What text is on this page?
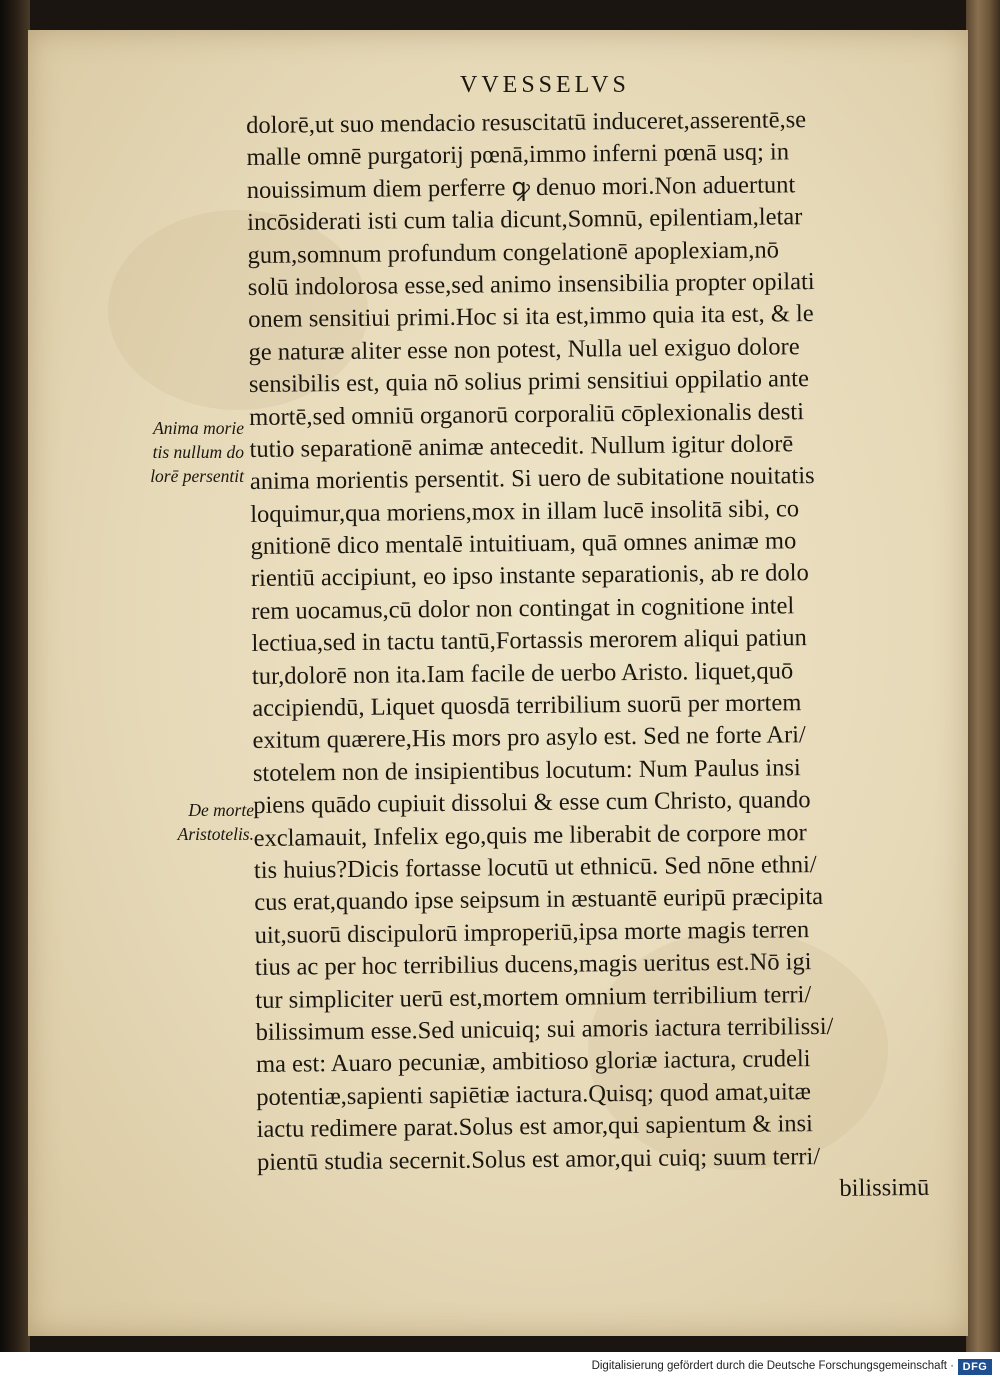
VVESSELVS
dolorē,ut suo mendacio resuscitatū induceret,asserentē,se
malle omnē purgatorij pœnā,immo inferni pœnā usq; in
nouissimum diem perferre ꝙ denuo mori.Non aduertunt
incōsiderati isti cum talia dicunt,Somnū, epilentiam,letar
gum,somnum profundum congelationē apoplexiam,nō
solū indolorosa esse,sed animo insensibilia propter opilati
onem sensitiui primi.Hoc si ita est,immo quia ita est, & le
ge naturæ aliter esse non potest, Nulla uel exiguo dolore
sensibilis est, quia nō solius primi sensitiui oppilatio ante
mortē,sed omniū organorū corporaliū cōplexionalis desti
tutio separationē animæ antecedit. Nullum igitur dolorē
anima morientis persentit. Si uero de subitatione nouitatis
loquimur,qua moriens,mox in illam lucē insolitā sibi, co
gnitionē dico mentalē intuitiuam, quā omnes animæ mo
rientiū accipiunt, eo ipso instante separationis, ab re dolo
rem uocamus,cū dolor non contingat in cognitione intel
lectiua,sed in tactu tantū,Fortassis merorem aliqui patiun
tur,dolorē non ita.Iam facile de uerbo Aristo. liquet,quō
accipiendū, Liquet quosdā terribilium suorū per mortem
exitum quærere,His mors pro asylo est. Sed ne forte Ari/
stotelem non de insipientibus locutum: Num Paulus insi
piens quādo cupiuit dissolui & esse cum Christo, quando
exclamauit, Infelix ego,quis me liberabit de corpore mor
tis huius?Dicis fortasse locutū ut ethnicū. Sed nōne ethni/
cus erat,quando ipse seipsum in æstuantē euripū præcipita
uit,suorū discipulorū improperiū,ipsa morte magis terren
tius ac per hoc terribilius ducens,magis ueritus est.Nō igi
tur simpliciter uerū est,mortem omnium terribilium terri/
bilissimum esse.Sed unicuiq; sui amoris iactura terribilissi/
ma est: Auaro pecuniæ, ambitioso gloriæ iactura, crudeli
potentiæ,sapienti sapiētiæ iactura.Quisq; quod amat,uitæ
iactu redimere parat.Solus est amor,qui sapientum & insi
pientū studia secernit.Solus est amor,qui cuiq; suum terri/
bilissimū
Anima morie
tis nullum do
lorē persentit
De morte
Aristotelis.
Digitalisierung gefördert durch die Deutsche Forschungsgemeinschaft · DFG
